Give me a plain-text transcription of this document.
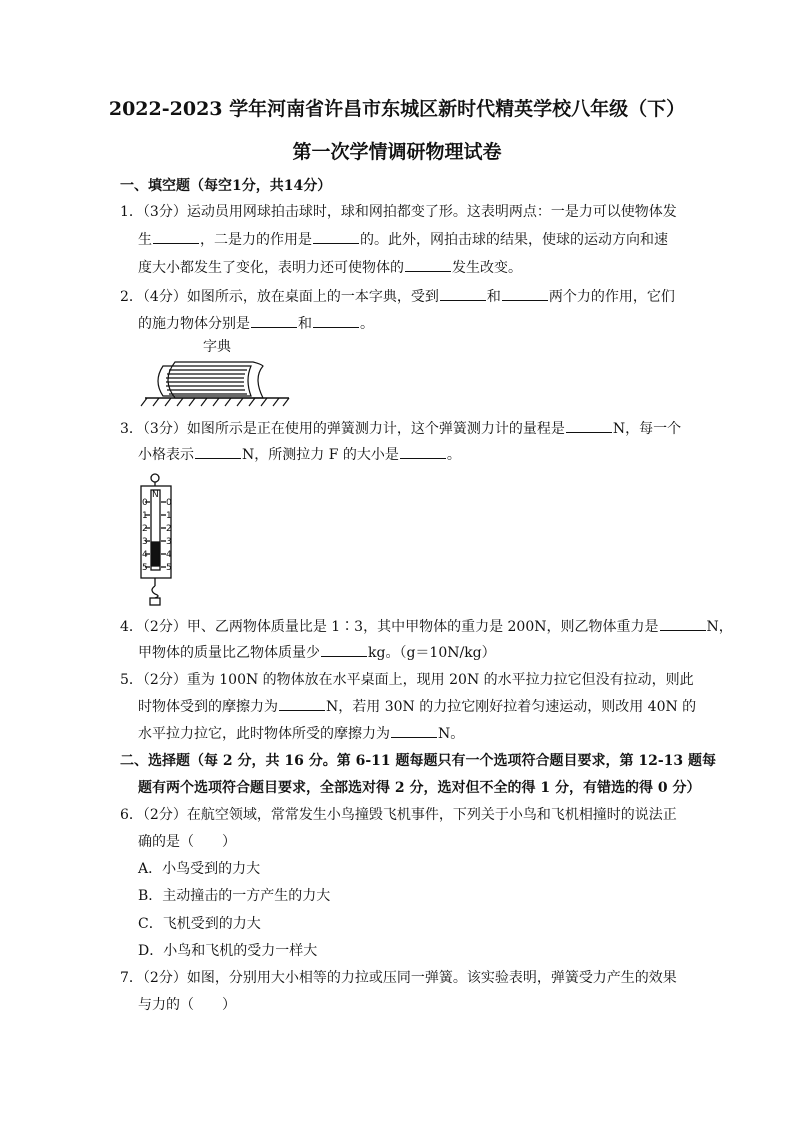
2022-2023 学年河南省许昌市东城区新时代精英学校八年级（下）
第一次学情调研物理试卷
一、填空题（每空1分，共14分）
1．（3分）运动员用网球拍击球时，球和网拍都变了形。这表明两点：一是力可以使物体发
生	，二是力的作用是	的。此外，网拍击球的结果，使球的运动方向和速
度大小都发生了变化，表明力还可使物体的	发生改变。
2．（4分）如图所示，放在桌面上的一本字典，受到	和	两个力的作用，它们
的施力物体分别是	和	。
字典
3．（3分）如图所示是正在使用的弹簧测力计，这个弹簧测力计的量程是	N，每一个
小格表示	N，所测拉力 F 的大小是	。
N
0
1
2
3
4
5
0
1
2
3
4
5
4．（2分）甲、乙两物体质量比是 1∶3，其中甲物体的重力是 200N，则乙物体重力是	N，
甲物体的质量比乙物体质量少	kg。（g＝10N/kg）
5．（2分）重为 100N 的物体放在水平桌面上，现用 20N 的水平拉力拉它但没有拉动，则此
时物体受到的摩擦力为	N，若用 30N 的力拉它刚好拉着匀速运动，则改用 40N 的
水平拉力拉它，此时物体所受的摩擦力为	N。
二、选择题（每 2 分，共 16 分。第 6-11 题每题只有一个选项符合题目要求，第 12-13 题每
题有两个选项符合题目要求，全部选对得 2 分，选对但不全的得 1 分，有错选的得 0 分）
6．（2分）在航空领域，常常发生小鸟撞毁飞机事件，下列关于小鸟和飞机相撞时的说法正
确的是（　　）
A．小鸟受到的力大
B．主动撞击的一方产生的力大
C．飞机受到的力大
D．小鸟和飞机的受力一样大
7．（2分）如图，分别用大小相等的力拉或压同一弹簧。该实验表明，弹簧受力产生的效果
与力的（　　）
